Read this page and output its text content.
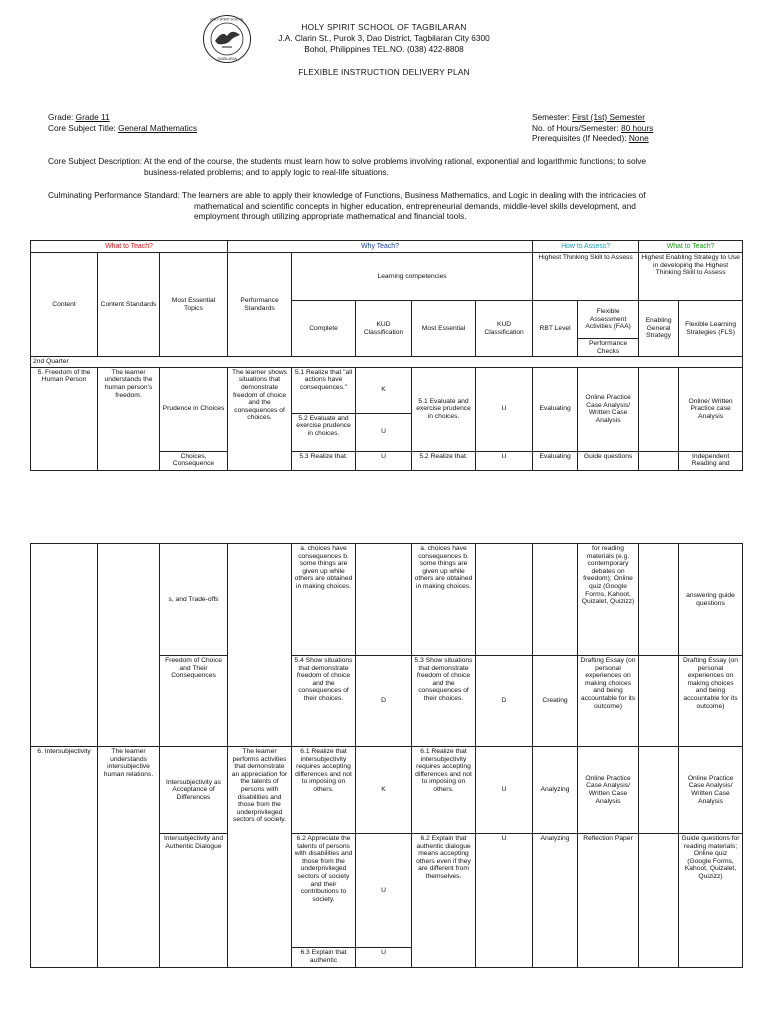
HOLY SPIRIT SCHOOL
TAGBILARAN
HOLY SPIRIT SCHOOL OF TAGBILARAN
J.A. Clarin St., Purok 3, Dao District, Tagbilaran City 6300
Bohol, Philippines TEL.NO. (038) 422-8808
FLEXIBLE INSTRUCTION DELIVERY PLAN
Grade: Grade 11
Core Subject Title: General Mathematics
Semester: First (1st) Semester
No. of Hours/Semester: 80 hours
Prerequisites (If Needed): None
Core Subject Description: At the end of the course, the students must learn how to solve problems involving rational, exponential and logarithmic functions; to solve
business-related problems; and to apply logic to real-life situations.
Culminating Performance Standard: The learners are able to apply their knowledge of Functions, Business Mathematics, and Logic in dealing with the intricacies of
mathematical and scientific concepts in higher education, entrepreneurial demands, middle-level skills development, and
employment through utilizing appropriate mathematical and financial tools.
What to Teach?			Why Teach?					How to Assess?		What to Teach?	
Content	Content Standards	Most Essential Topics	Performance Standards	Learning competencies				Highest Thinking Skill to Assess		Highest Enabling Strategy to Use in developing the Highest Thinking Skill to Assess	
				Complete	KUD Classification	Most Essential	KUD Classification	RBT Level	Flexible Assessment Activities (FAA)	Enabling General Strategy	Flexible Learning Strategies (FLS)
									Performance Checks		
2nd Quarter											
5. Freedom of the Human Person	The learner understands the human person's freedom.	Prudence in Choices	The learner shows situations that demonstrate freedom of choice and the consequences of choices.	5.1 Realize that "all actions have consequences."	K	5.1 Evaluate and exercise prudence in choices.	U	Evaluating	Online Practice Case Analysis/ Written Case Analysis		Online/ Written Practice case Analysis
				5.2 Evaluate and exercise prudence in choices.	U						
		Choices, Consequence		5.3 Realize that:	U	5.2 Realize that:	U	Evaluating	Guide questions		Independent Reading and
		s, and Trade-offs		a. choices have consequences b. some things are given up while others are obtained in making choices.		a. choices have consequences b. some things are given up while others are obtained in making choices.			for reading materials (e.g. contemporary debates on freedom); Online quiz (Google Forms, Kahoot, Quizalet, Quizizz)		answering guide questions
		Freedom of Choice and Their Consequences		5.4 Show situations that demonstrate freedom of choice and the consequences of their choices.	D	5.3 Show situations that demonstrate freedom of choice and the consequences of their choices.	D	Creating	Drafting Essay (on personal experiences on making choices and being accountable for its outcome)		Drafting Essay (on personal experiences on making choices and being accountable for its outcome)
6. Intersubjectivity	The learner understands intersubjective human relations.	Intersubjectivity as Acceptance of Differences	The learner performs activities that demonstrate an appreciation for the talents of persons with disabilities and those from the underprivileged sectors of society.	6.1 Realize that intersubjectivity requires accepting differences and not to imposing on others.	K	6.1 Realize that intersubjectivity requires accepting differences and not to imposing on others.	U	Analyzing	Online Practice Case Analysis/ Written Case Analysis		Online Practice Case Analysis/ Written Case Analysis
		Intersubjectivity and Authentic Dialogue		6.2 Appreciate the talents of persons with disabilities and those from the underprivileged sectors of society and their contributions to society.	U	6.2 Explain that authentic dialogue means accepting others even if they are different from themselves.	U	Analyzing	Reflection Paper		Guide questions for reading materials; Online quiz (Google Forms, Kahoot, Quizalet, Quizizz)
				6.3 Explain that authentic	U						
